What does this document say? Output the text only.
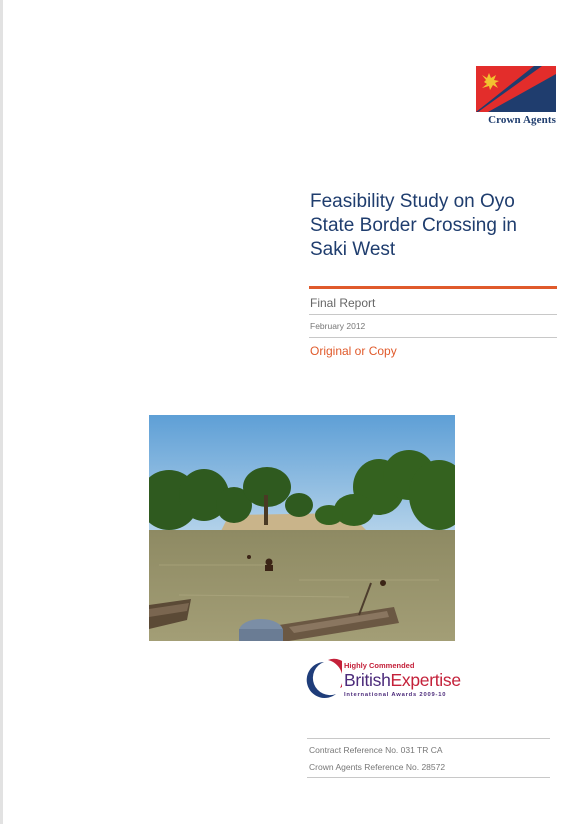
Crown Agents
Feasibility Study on Oyo
State Border Crossing in
Saki West
Final Report
February 2012
Original or Copy
Highly Commended
BritishExpertise
International Awards 2009-10
Contract Reference No. 031 TR CA
Crown Agents Reference No. 28572
